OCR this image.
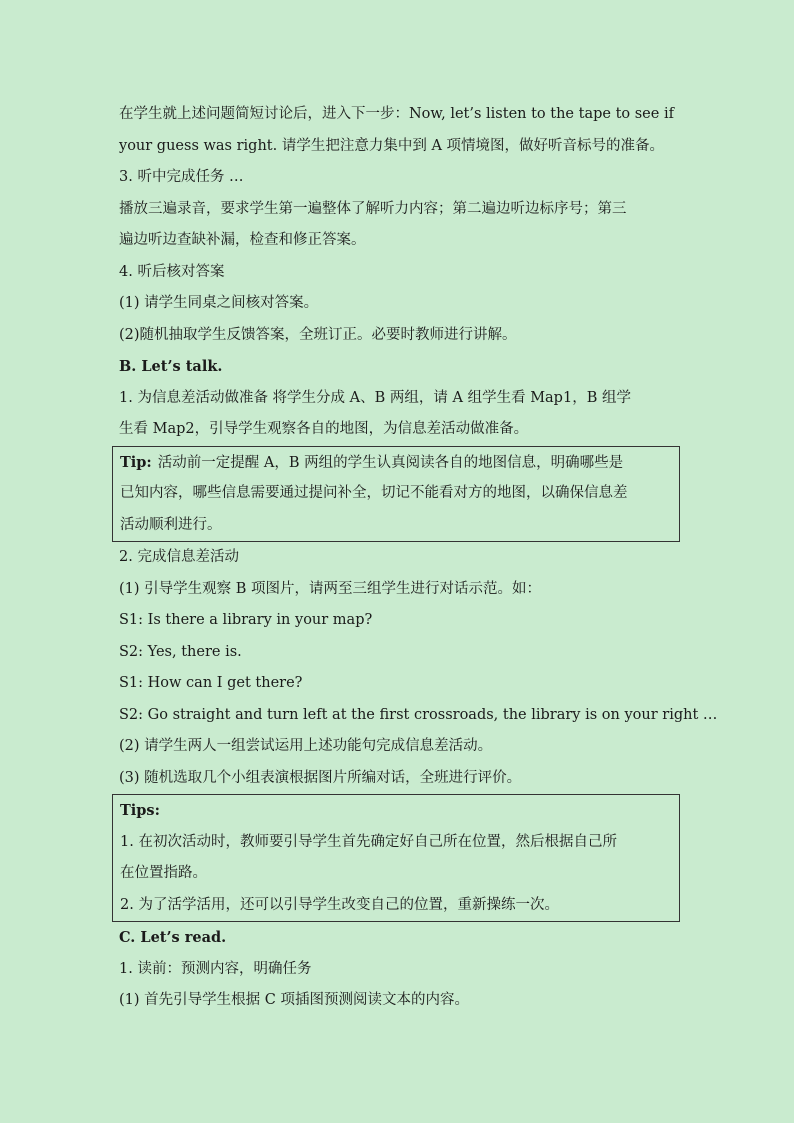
在学生就上述问题简短讨论后，进入下一步：Now, let’s listen to the tape to see if
your guess was right. 请学生把注意力集中到 A 项情境图，做好听音标号的准备。
3. 听中完成任务 …
播放三遍录音，要求学生第一遍整体了解听力内容；第二遍边听边标序号；第三
遍边听边查缺补漏，检查和修正答案。
4. 听后核对答案
(1) 请学生同桌之间核对答案。
(2)随机抽取学生反馈答案，全班订正。必要时教师进行讲解。
B. Let’s talk.
1. 为信息差活动做准备 将学生分成 A、B 两组，请 A 组学生看 Map1，B 组学
生看 Map2，引导学生观察各自的地图，为信息差活动做准备。
Tip: 活动前一定提醒 A，B 两组的学生认真阅读各自的地图信息，明确哪些是
已知内容，哪些信息需要通过提问补全，切记不能看对方的地图，以确保信息差
活动顺利进行。
2. 完成信息差活动
(1) 引导学生观察 B 项图片，请两至三组学生进行对话示范。如：
S1: Is there a library in your map?
S2: Yes, there is.
S1: How can I get there?
S2: Go straight and turn left at the first crossroads, the library is on your right …
(2) 请学生两人一组尝试运用上述功能句完成信息差活动。
(3) 随机选取几个小组表演根据图片所编对话，全班进行评价。
Tips:
1. 在初次活动时，教师要引导学生首先确定好自己所在位置，然后根据自己所
在位置指路。
2. 为了活学活用，还可以引导学生改变自己的位置，重新操练一次。
C. Let’s read.
1. 读前：预测内容，明确任务
(1) 首先引导学生根据 C 项插图预测阅读文本的内容。
